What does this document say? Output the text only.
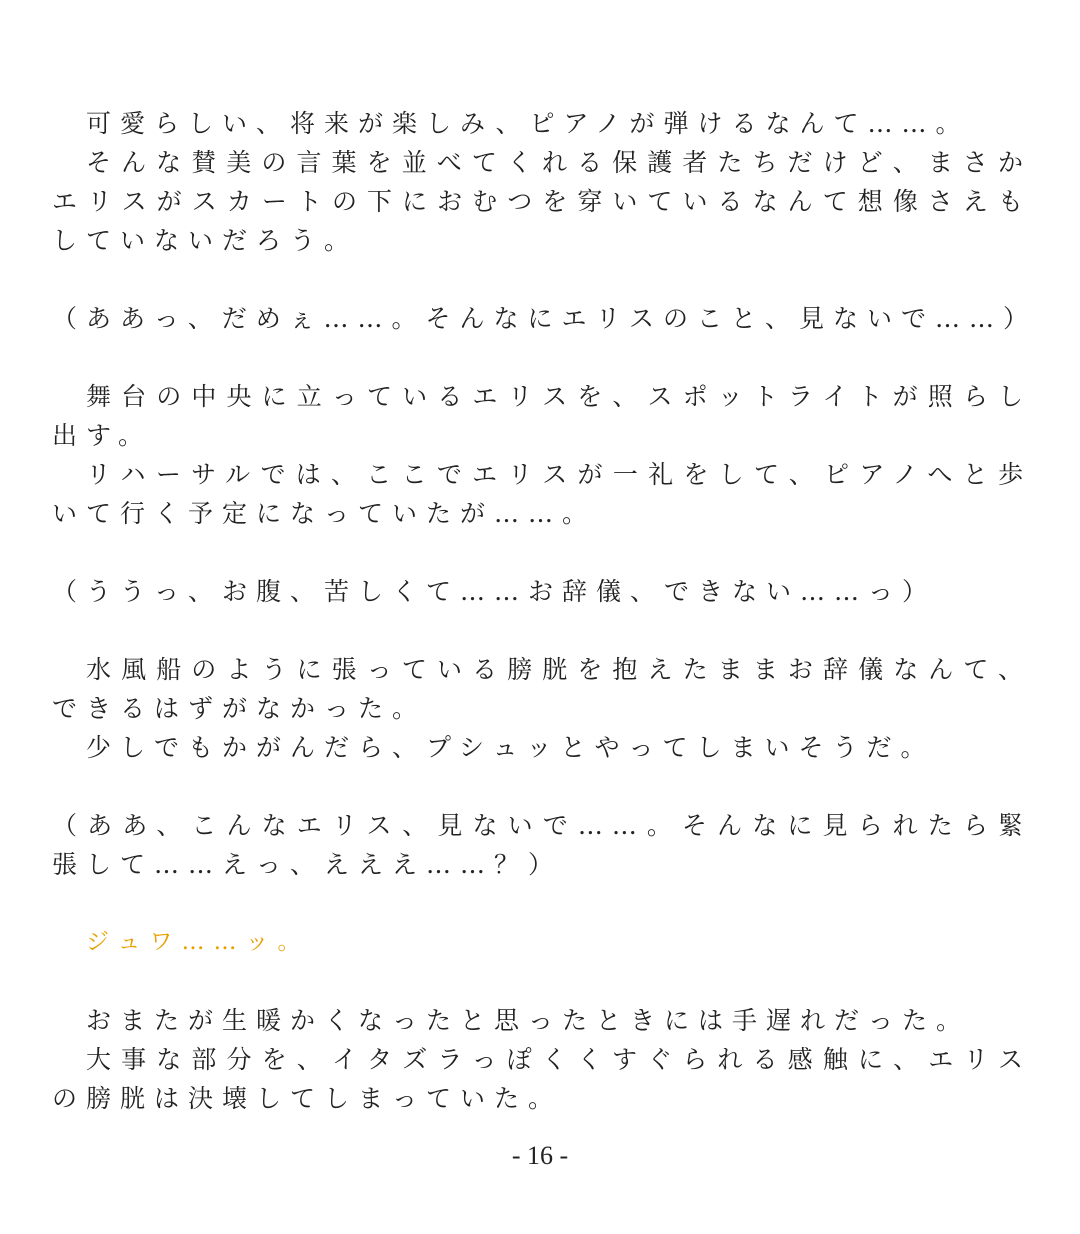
可愛らしい、将来が楽しみ、ピアノが弾けるなんて……。

そんな賛美の言葉を並べてくれる保護者たちだけど、まさかエリスがスカートの下におむつを穿いているなんて想像さえもしていないだろう。

（ああっ、だめぇ……。そんなにエリスのこと、見ないで……）

舞台の中央に立っているエリスを、スポットライトが照らし出す。

リハーサルでは、ここでエリスが一礼をして、ピアノへと歩いて行く予定になっていたが……。

（ううっ、お腹、苦しくて……お辞儀、できない……っ）

水風船のように張っている膀胱を抱えたままお辞儀なんて、できるはずがなかった。

少しでもかがんだら、プシュッとやってしまいそうだ。

（ああ、こんなエリス、見ないで……。そんなに見られたら緊張して……えっ、えええ……？）

ジュワ……ッ。

おまたが生暖かくなったと思ったときには手遅れだった。

大事な部分を、イタズラっぽくくすぐられる感触に、エリスの膀胱は決壊してしまっていた。

- 16 -
